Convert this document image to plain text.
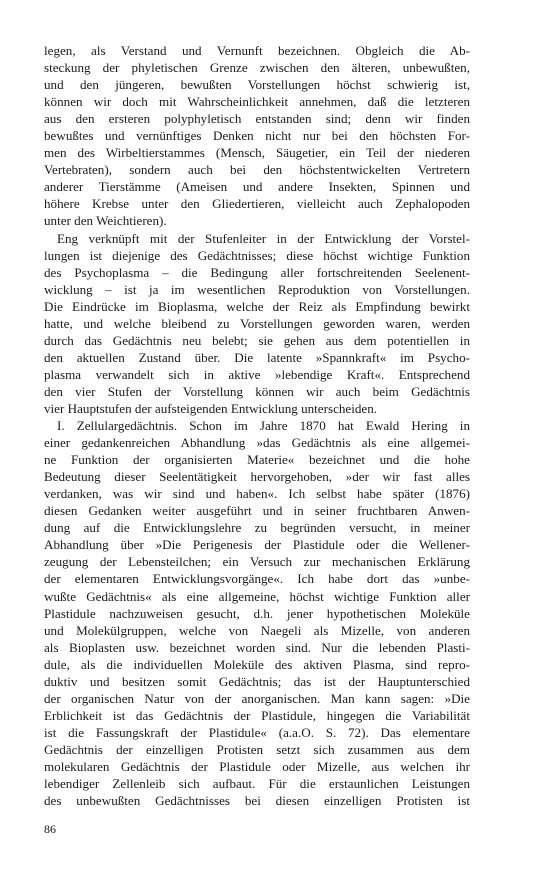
legen, als Verstand und Vernunft bezeichnen. Obgleich die Ab-
steckung der phyletischen Grenze zwischen den älteren, unbewußten,
und den jüngeren, bewußten Vorstellungen höchst schwierig ist,
können wir doch mit Wahrscheinlichkeit annehmen, daß die letzteren
aus den ersteren polyphyletisch entstanden sind; denn wir finden
bewußtes und vernünftiges Denken nicht nur bei den höchsten For-
men des Wirbeltierstammes (Mensch, Säugetier, ein Teil der niederen
Vertebraten), sondern auch bei den höchstentwickelten Vertretern
anderer Tierstämme (Ameisen und andere Insekten, Spinnen und
höhere Krebse unter den Gliedertieren, vielleicht auch Zephalopoden
unter den Weichtieren).
Eng verknüpft mit der Stufenleiter in der Entwicklung der Vorstel-
lungen ist diejenige des Gedächtnisses; diese höchst wichtige Funktion
des Psychoplasma – die Bedingung aller fortschreitenden Seelenent-
wicklung – ist ja im wesentlichen Reproduktion von Vorstellungen.
Die Eindrücke im Bioplasma, welche der Reiz als Empfindung bewirkt
hatte, und welche bleibend zu Vorstellungen geworden waren, werden
durch das Gedächtnis neu belebt; sie gehen aus dem potentiellen in
den aktuellen Zustand über. Die latente »Spannkraft« im Psycho-
plasma verwandelt sich in aktive »lebendige Kraft«. Entsprechend
den vier Stufen der Vorstellung können wir auch beim Gedächtnis
vier Hauptstufen der aufsteigenden Entwicklung unterscheiden.
I. Zellulargedächtnis. Schon im Jahre 1870 hat Ewald Hering in
einer gedankenreichen Abhandlung »das Gedächtnis als eine allgemei-
ne Funktion der organisierten Materie« bezeichnet und die hohe
Bedeutung dieser Seelentätigkeit hervorgehoben, »der wir fast alles
verdanken, was wir sind und haben«. Ich selbst habe später (1876)
diesen Gedanken weiter ausgeführt und in seiner fruchtbaren Anwen-
dung auf die Entwicklungslehre zu begründen versucht, in meiner
Abhandlung über »Die Perigenesis der Plastidule oder die Wellener-
zeugung der Lebensteilchen; ein Versuch zur mechanischen Erklärung
der elementaren Entwicklungsvorgänge«. Ich habe dort das »unbe-
wußte Gedächtnis« als eine allgemeine, höchst wichtige Funktion aller
Plastidule nachzuweisen gesucht, d.h. jener hypothetischen Moleküle
und Molekülgruppen, welche von Naegeli als Mizelle, von anderen
als Bioplasten usw. bezeichnet worden sind. Nur die lebenden Plasti-
dule, als die individuellen Moleküle des aktiven Plasma, sind repro-
duktiv und besitzen somit Gedächtnis; das ist der Hauptunterschied
der organischen Natur von der anorganischen. Man kann sagen: »Die
Erblichkeit ist das Gedächtnis der Plastidule, hingegen die Variabilität
ist die Fassungskraft der Plastidule« (a.a.O. S. 72). Das elementare
Gedächtnis der einzelligen Protisten setzt sich zusammen aus dem
molekularen Gedächtnis der Plastidule oder Mizelle, aus welchen ihr
lebendiger Zellenleib sich aufbaut. Für die erstaunlichen Leistungen
des unbewußten Gedächtnisses bei diesen einzelligen Protisten ist
86
